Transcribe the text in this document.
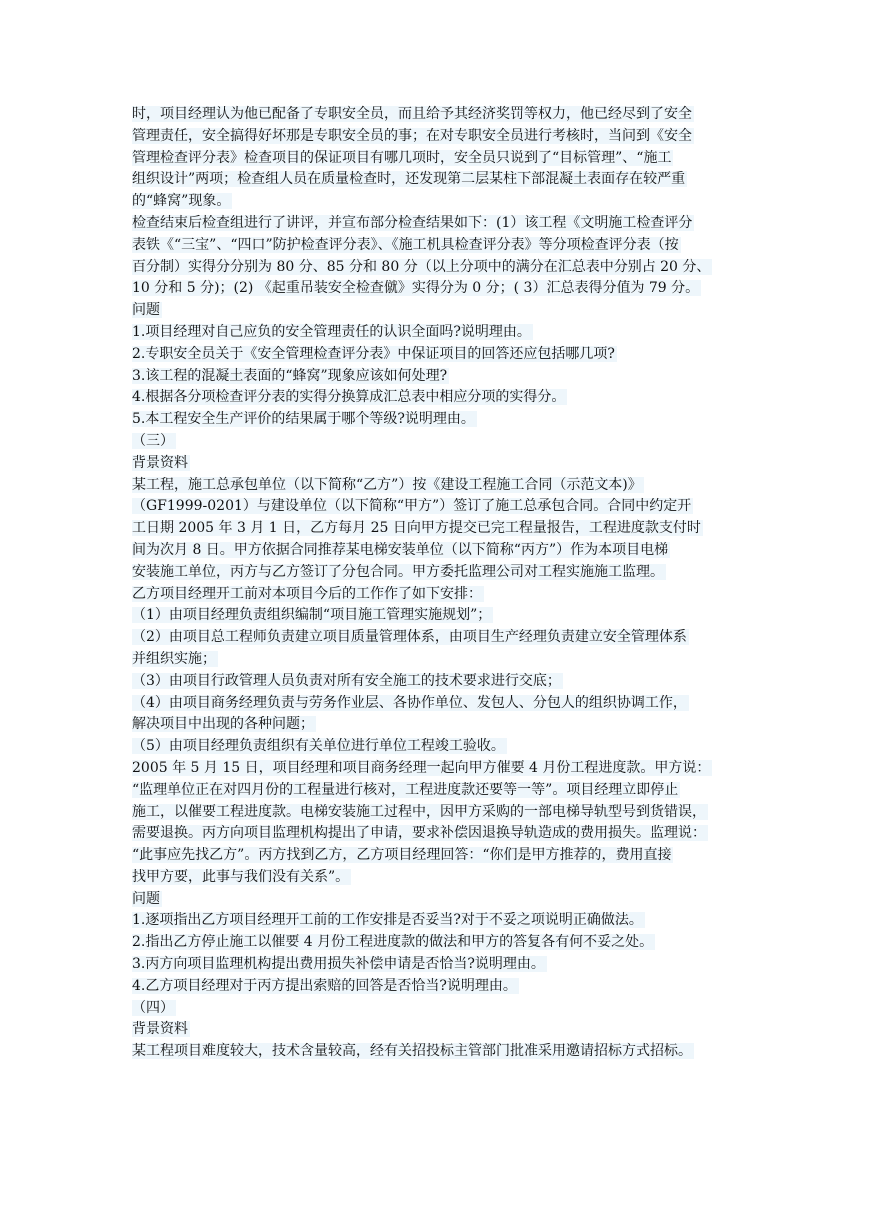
时，项目经理认为他已配备了专职安全员，而且给予其经济奖罚等权力，他已经尽到了安全
管理责任，安全搞得好坏那是专职安全员的事；在对专职安全员进行考核时，当问到《安全
管理检查评分表》检查项目的保证项目有哪几项时，安全员只说到了“目标管理”、“施工
组织设计”两项；检查组人员在质量检查时，还发现第二层某柱下部混凝土表面存在较严重
的“蜂窝”现象。
检查结束后检查组进行了讲评，并宣布部分检查结果如下：(1）该工程《文明施工检查评分
表铁《“三宝”、“四口”防护检查评分表》、《施工机具检查评分表》等分项检查评分表（按
百分制）实得分分别为 80 分、85 分和 80 分（以上分项中的满分在汇总表中分别占 20 分、
10 分和 5 分)；(2) 《起重吊装安全检查僦》实得分为 0 分；( 3）汇总表得分值为 79 分。
问题
1.项目经理对自己应负的安全管理责任的认识全面吗?说明理由。
2.专职安全员关于《安全管理检查评分表》中保证项目的回答还应包括哪几项?
3.该工程的混凝土表面的“蜂窝”现象应该如何处理?
4.根据各分项检查评分表的实得分换算成汇总表中相应分项的实得分。
5.本工程安全生产评价的结果属于哪个等级?说明理由。
（三）
背景资料
某工程，施工总承包单位（以下简称“乙方”）按《建设工程施工合同（示范文本)》
（GF1999-0201）与建设单位（以下简称“甲方”）签订了施工总承包合同。合同中约定开
工日期 2005 年 3 月 1 日，乙方每月 25 日向甲方提交已完工程量报告，工程进度款支付时
间为次月 8 日。甲方依据合同推荐某电梯安装单位（以下简称“丙方”）作为本项目电梯
安装施工单位，丙方与乙方签订了分包合同。甲方委托监理公司对工程实施施工监理。
乙方项目经理开工前对本项目今后的工作作了如下安排：
（1）由项目经理负责组织编制“项目施工管理实施规划”；
（2）由项目总工程师负责建立项目质量管理体系，由项目生产经理负责建立安全管理体系
并组织实施；
（3）由项目行政管理人员负责对所有安全施工的技术要求进行交底；
（4）由项目商务经理负责与劳务作业层、各协作单位、发包人、分包人的组织协调工作，
解决项目中出现的各种问题；
（5）由项目经理负责组织有关单位进行单位工程竣工验收。
2005 年 5 月 15 日，项目经理和项目商务经理一起向甲方催要 4 月份工程进度款。甲方说：
“监理单位正在对四月份的工程量进行核对，工程进度款还要等一等”。项目经理立即停止
施工，以催要工程进度款。电梯安装施工过程中，因甲方采购的一部电梯导轨型号到货错误，
需要退换。丙方向项目监理机构提出了申请，要求补偿因退换导轨造成的费用损失。监理说：
“此事应先找乙方”。丙方找到乙方，乙方项目经理回答：“你们是甲方推荐的，费用直接
找甲方要，此事与我们没有关系”。
问题
1.逐项指出乙方项目经理开工前的工作安排是否妥当?对于不妥之项说明正确做法。
2.指出乙方停止施工以催要 4 月份工程进度款的做法和甲方的答复各有何不妥之处。
3.丙方向项目监理机构提出费用损失补偿申请是否恰当?说明理由。
4.乙方项目经理对于丙方提出索赔的回答是否恰当?说明理由。
（四）
背景资料
某工程项目难度较大，技术含量较高，经有关招投标主管部门批准采用邀请招标方式招标。
